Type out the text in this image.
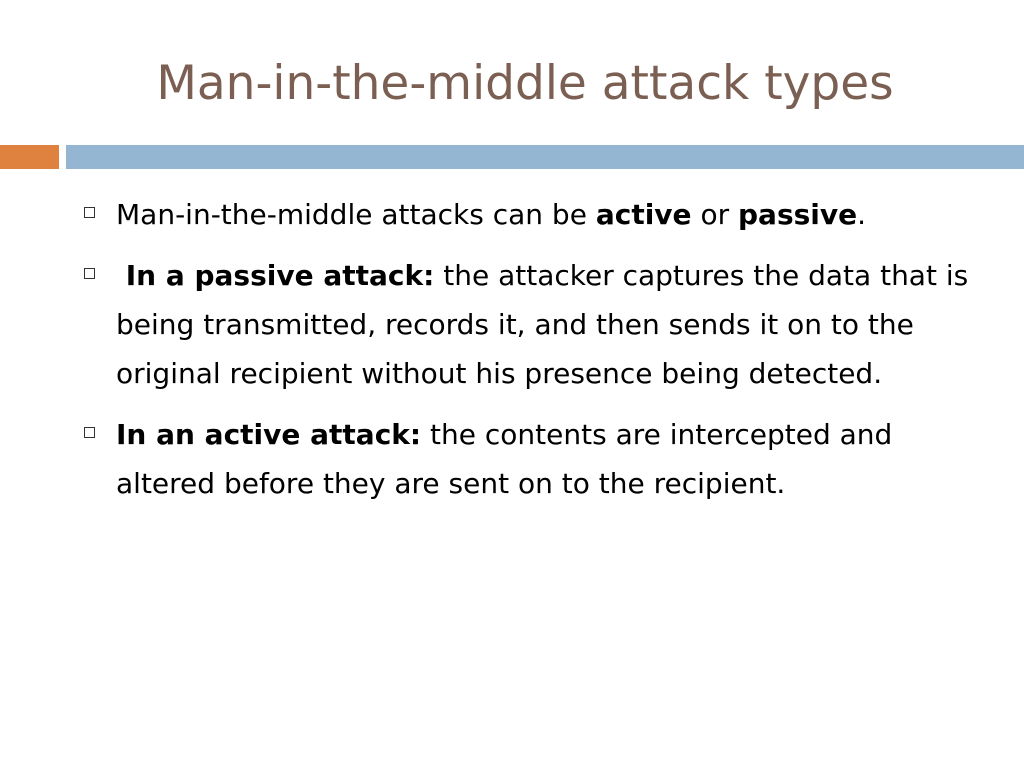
Man-in-the-middle attack types
Man-in-the-middle attacks can be active or passive.
In a passive attack: the attacker captures the data that is being transmitted, records it, and then sends it on to the original recipient without his presence being detected.
In an active attack: the contents are intercepted and altered before they are sent on to the recipient.
